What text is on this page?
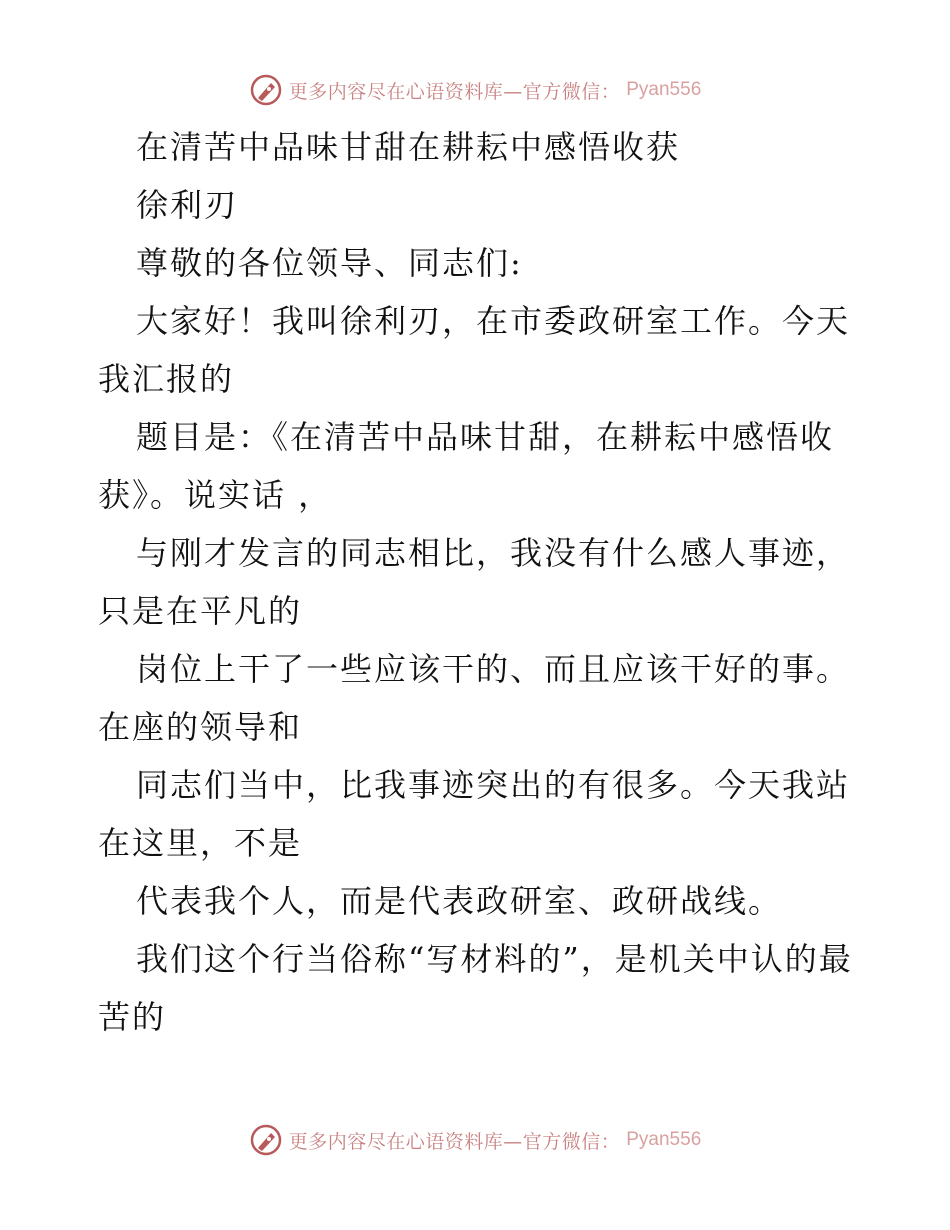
更多内容尽在心语资料库—官方微信： Pyan556

在清苦中品味甘甜在耕耘中感悟收获

徐利刃

尊敬的各位领导、同志们:

大家好！我叫徐利刃，在市委政研室工作。今天我汇报的

题目是：《在清苦中品味甘甜，在耕耘中感悟收获》。说实话 ，

与刚才发言的同志相比，我没有什么感人事迹，只是在平凡的

岗位上干了一些应该干的、而且应该干好的事。在座的领导和

同志们当中，比我事迹突出的有很多。今天我站在这里，不是

代表我个人，而是代表政研室、政研战线。

我们这个行当俗称“写材料的”，是机关中认的最苦的

更多内容尽在心语资料库—官方微信： Pyan556
